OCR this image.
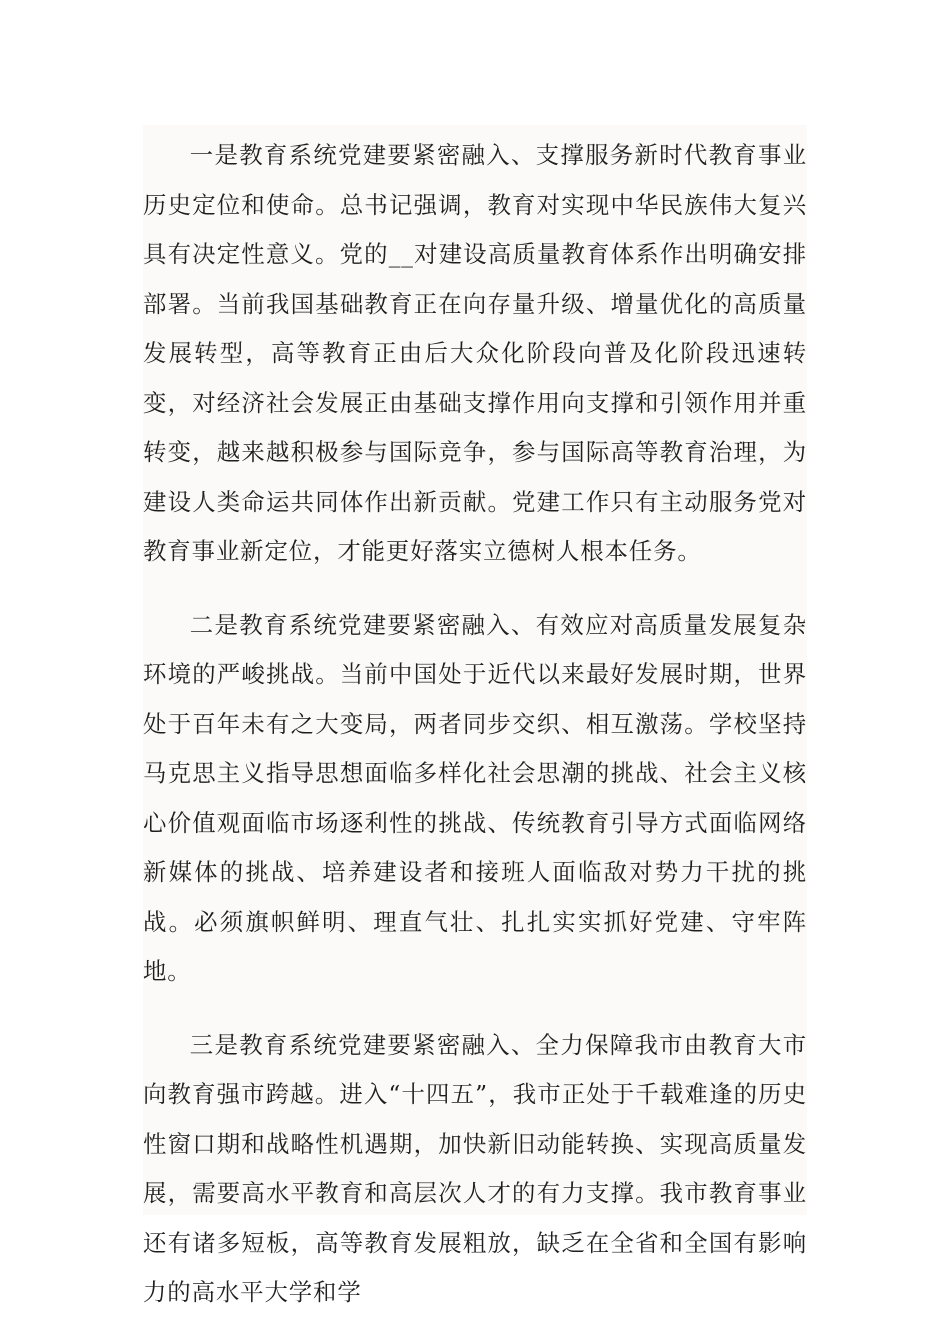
一是教育系统党建要紧密融入、支撑服务新时代教育事业历史定位和使命。总书记强调，教育对实现中华民族伟大复兴具有决定性意义。党的__对建设高质量教育体系作出明确安排部署。当前我国基础教育正在向存量升级、增量优化的高质量发展转型，高等教育正由后大众化阶段向普及化阶段迅速转变，对经济社会发展正由基础支撑作用向支撑和引领作用并重转变，越来越积极参与国际竞争，参与国际高等教育治理，为建设人类命运共同体作出新贡献。党建工作只有主动服务党对教育事业新定位，才能更好落实立德树人根本任务。

二是教育系统党建要紧密融入、有效应对高质量发展复杂环境的严峻挑战。当前中国处于近代以来最好发展时期，世界处于百年未有之大变局，两者同步交织、相互激荡。学校坚持马克思主义指导思想面临多样化社会思潮的挑战、社会主义核心价值观面临市场逐利性的挑战、传统教育引导方式面临网络新媒体的挑战、培养建设者和接班人面临敌对势力干扰的挑战。必须旗帜鲜明、理直气壮、扎扎实实抓好党建、守牢阵地。

三是教育系统党建要紧密融入、全力保障我市由教育大市向教育强市跨越。进入“十四五”，我市正处于千载难逢的历史性窗口期和战略性机遇期，加快新旧动能转换、实现高质量发展，需要高水平教育和高层次人才的有力支撑。我市教育事业还有诸多短板，高等教育发展粗放，缺乏在全省和全国有影响力的高水平大学和学
